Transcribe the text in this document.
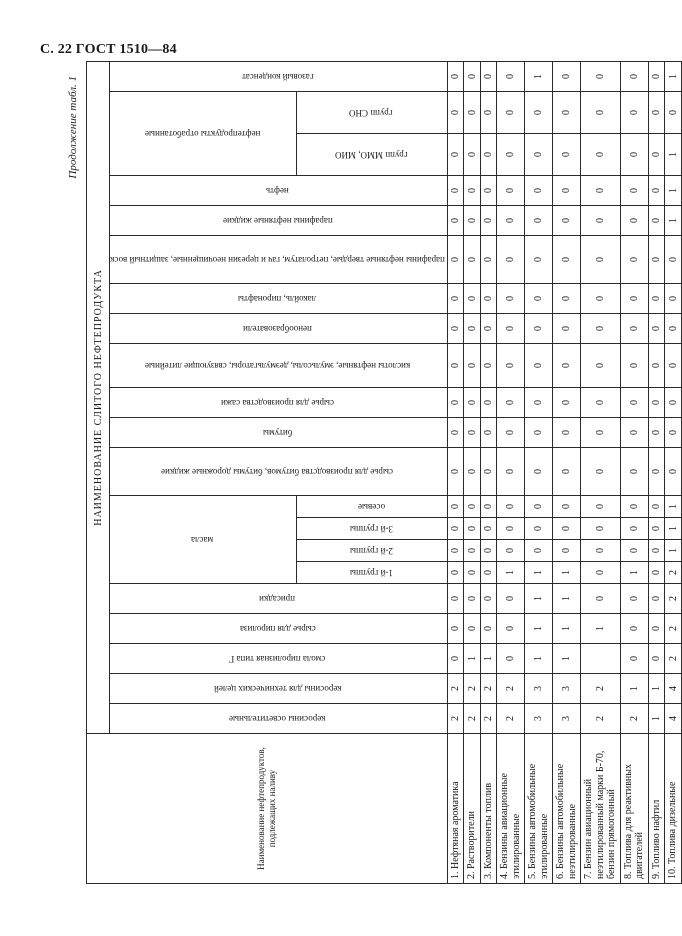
С. 22 ГОСТ 1510—84
Продолжение табл. 1
Наименование нефтепродуктов, подлежащих наливу	НАИМЕНОВАНИЕ СЛИТОГО НЕФТЕПРОДУКТА																				
	керосины осветительные	керосины для технических целей	смола пиролизная типа Г	сырье для пиролиза	присадки	масла				сырье для производства битумов, битумы дорожные жидкие	битумы	сырье для производства сажи	кислоты нефтяные, эмульсолы, деэмульгаторы, связующие литейные	пенообразователи	лакойль, пиронафты	парафины нефтяные твердые, петролатум, гач и церезин неочищенные, защитный воск	парафины нефтяные жидкие	нефть	нефтепродукты отработанные		газовый конденсат
						1-й группы	2-й группы	3-й группы	осевые										групп ММО, МИО	групп СНО	
1. Нефтяная ароматика	2	2	0	0	0	0	0	0	0	0	0	0	0	0	0	0	0	0	0	0	0
2. Растворители	2	2	1	0	0	0	0	0	0	0	0	0	0	0	0	0	0	0	0	0	0
3. Компоненты топлив	2	2	1	0	0	0	0	0	0	0	0	0	0	0	0	0	0	0	0	0	0
4. Бензины авиационные этилированные	2	2	0	0	0	1	0	0	0	0	0	0	0	0	0	0	0	0	0	0	0
5. Бензины автомобильные этилированные	3	3	1	1	1	1	0	0	0	0	0	0	0	0	0	0	0	0	0	0	1
6. Бензины автомобильные неэтилированные	3	3	1	1	1	1	0	0	0	0	0	0	0	0	0	0	0	0	0	0	0
7. Бензин авиационный неэтилированный марки Б-70, бензин прямогонный	2	2		1	0	0	0	0	0	0	0	0	0	0	0	0	0	0	0	0	0
8. Топлива для реактивных двигателей	2	1	0	0	0	1	0	0	0	0	0	0	0	0	0	0	0	0	0	0	0
9. Топливо нафтил	1	1	0	0	0	0	0	0	0	0	0	0	0	0	0	0	0	0	0	0	0
10. Топлива дизельные	4	4	2	2	2	2	1	1	1	0	0	0	0	0	0	0	1	1	1	0	1
